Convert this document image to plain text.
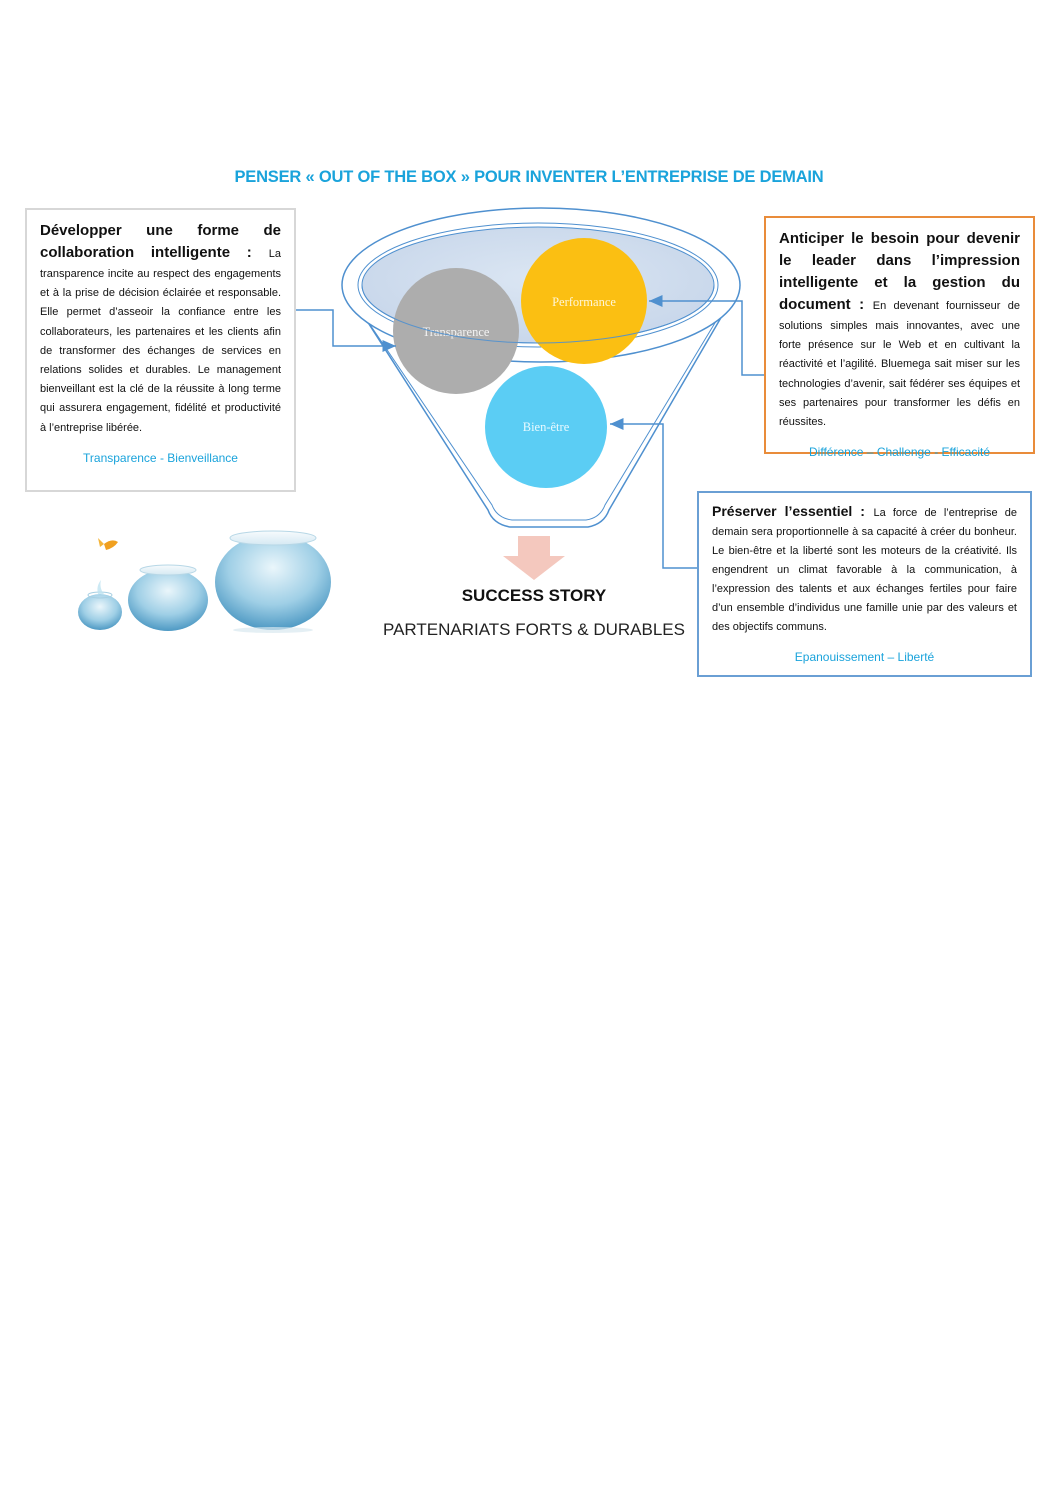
PENSER « OUT OF THE BOX » POUR INVENTER L’ENTREPRISE DE DEMAIN
Transparence
Performance
Bien-être
Développer une forme de collaboration intelligente : La transparence incite au respect des engagements et à la prise de décision éclairée et responsable. Elle permet d’asseoir la confiance entre les collaborateurs, les partenaires et les clients afin de transformer des échanges de services en relations solides et durables. Le management bienveillant est la clé de la réussite à long terme qui assurera engagement, fidélité et productivité à l’entreprise libérée.
Transparence - Bienveillance
Anticiper le besoin pour devenir le leader dans l’impression intelligente et la gestion du document : En devenant fournisseur de solutions simples mais innovantes, avec une forte présence sur le Web et en cultivant la réactivité et l’agilité. Bluemega sait miser sur les technologies d’avenir, sait fédérer ses équipes et ses partenaires pour transformer les défis en réussites.
Différence – Challenge - Efficacité
Préserver l’essentiel : La force de l’entreprise de demain sera proportionnelle à sa capacité à créer du bonheur. Le bien-être et la liberté sont les moteurs de la créativité. Ils engendrent un climat favorable à la communication, à l’expression des talents et aux échanges fertiles pour faire d’un ensemble d’individus une famille unie par des valeurs et des objectifs communs.
Epanouissement – Liberté
SUCCESS STORY
PARTENARIATS FORTS & DURABLES
